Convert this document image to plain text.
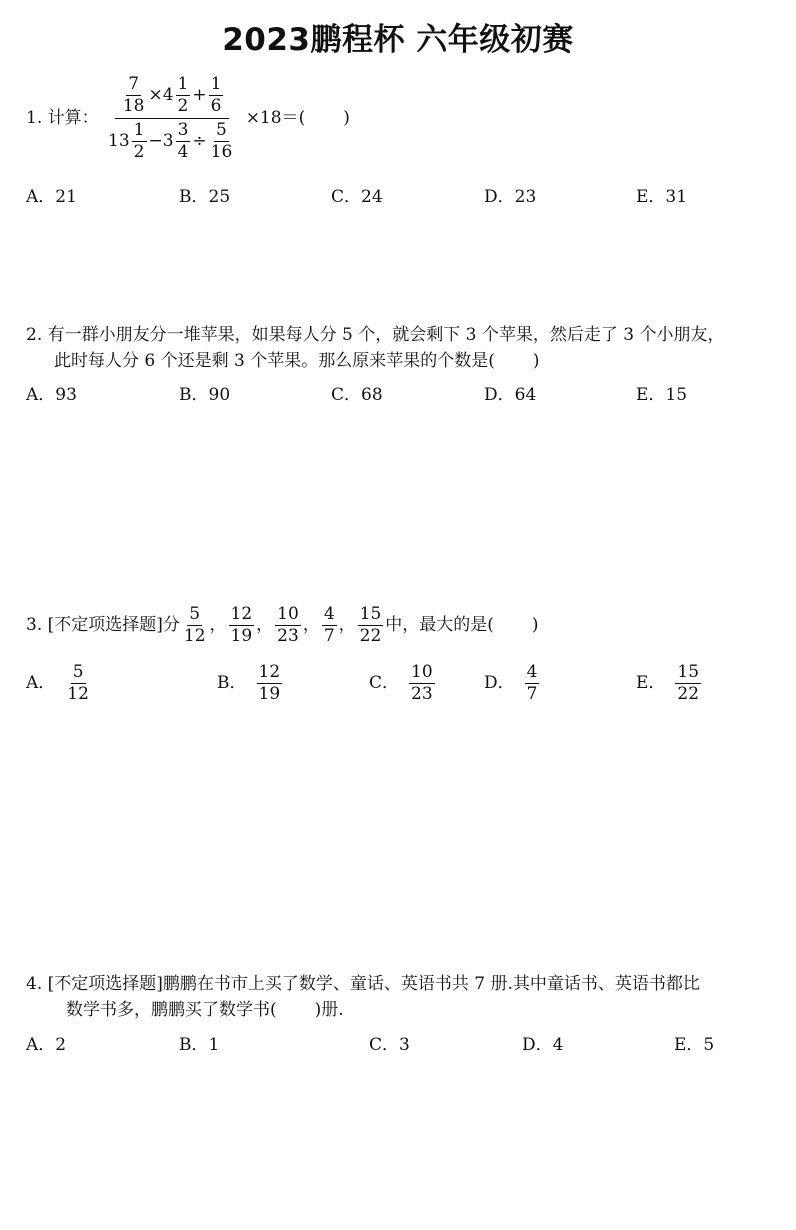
2023鹏程杯 六年级初赛
1. 计算： $\frac{\frac{7}{18} \times 4 \frac{1}{2} + \frac{1}{6}}{13 \frac{1}{2} -3 \frac{3}{4} \div \frac{5}{16}} \times 18=$( )
A．21	B．25	C．24	D．23	E．31
2. 有一群小朋友分一堆苹果，如果每人分 5 个，就会剩下 3 个苹果，然后走了 3 个小朋友，
此时每人分 6 个还是剩 3 个苹果。那么原来苹果的个数是( )
A．93	B．90	C．68	D．64	E．15
3. [不定项选择题]分 $\frac{5}{12}$ ， $\frac{12}{19}$ ， $\frac{10}{23}$ ， $\frac{4}{7}$ ， $\frac{15}{22}$ 中，最大的是( )
A． $\frac{5}{12}$	B． $\frac{12}{19}$	C． $\frac{10}{23}$	D． $\frac{4}{7}$	E． $\frac{15}{22}$
4. [不定项选择题]鹏鹏在书市上买了数学、童话、英语书共 7 册.其中童话书、英语书都比
数学书多，鹏鹏买了数学书( )册.
A．2	B．1	C．3	D．4	E．5
